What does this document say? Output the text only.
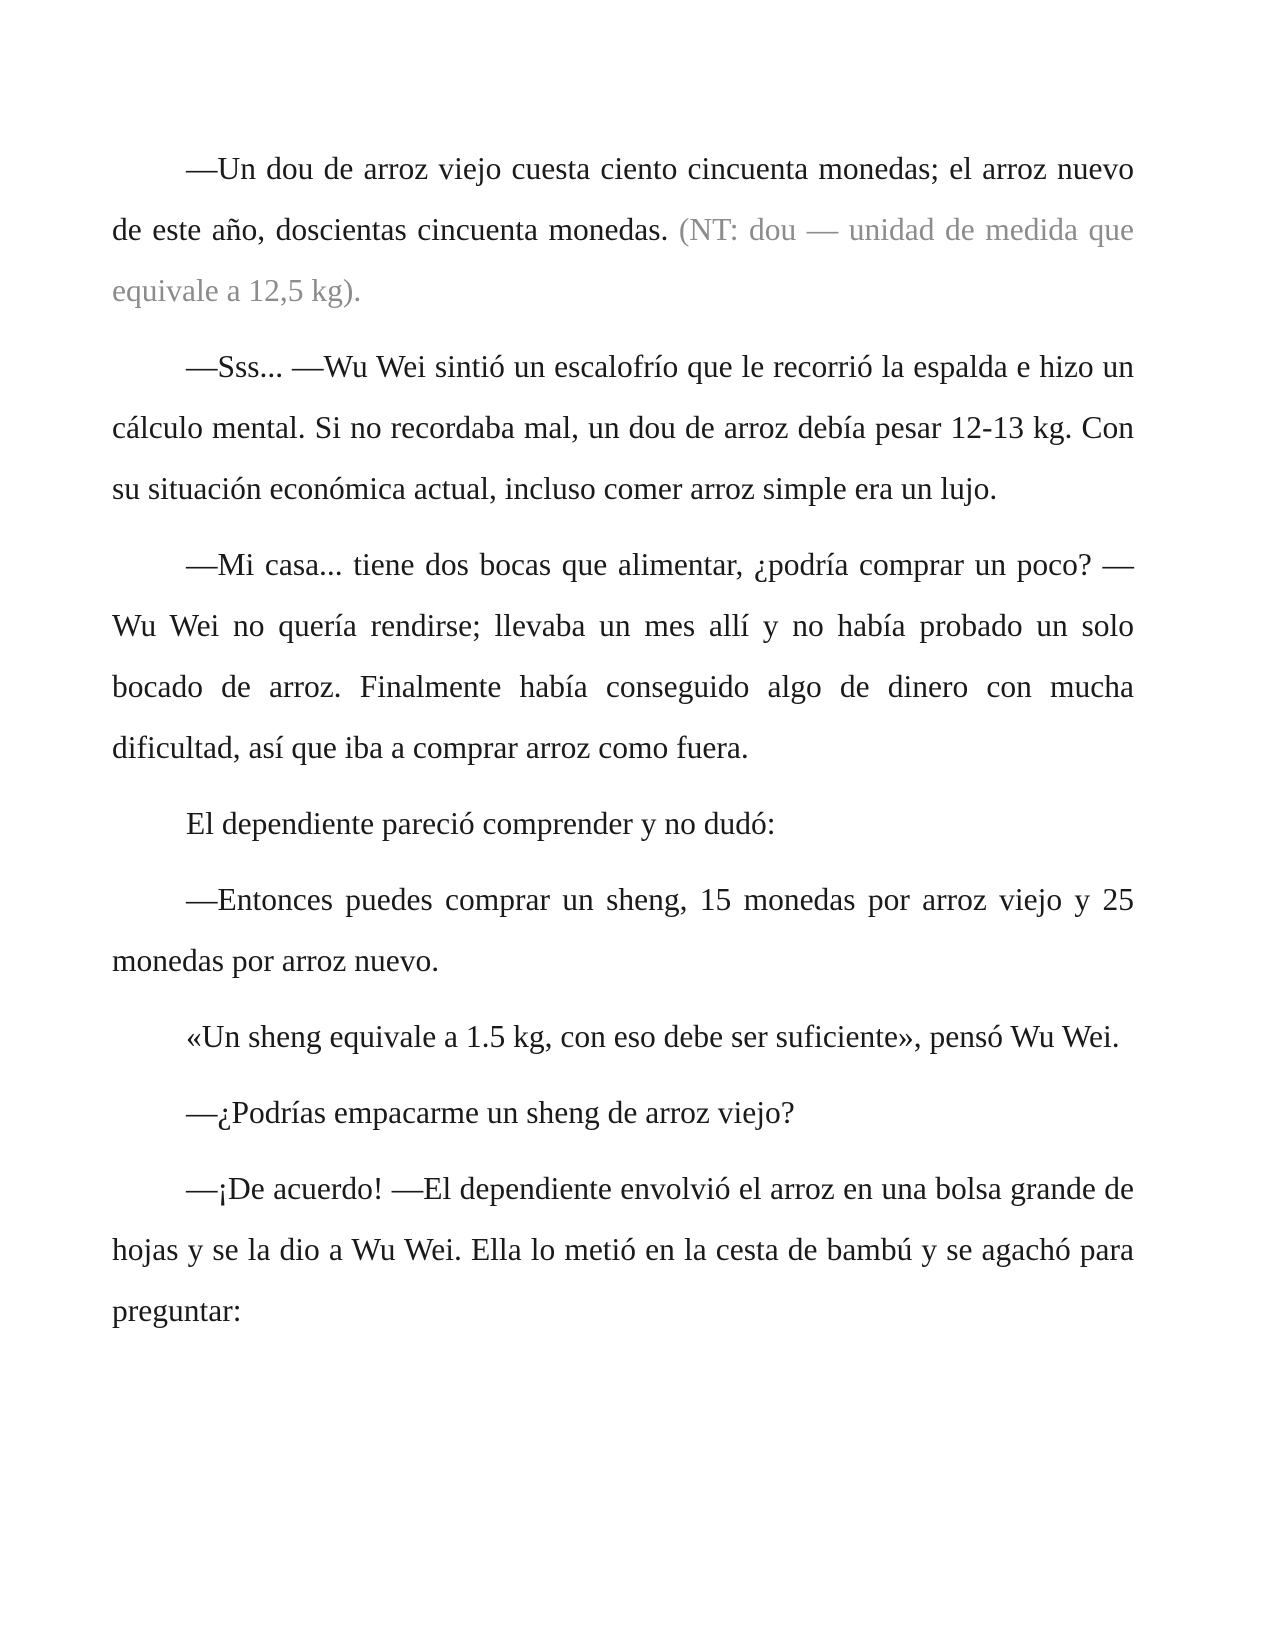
—Un dou de arroz viejo cuesta ciento cincuenta monedas; el arroz nuevo de este año, doscientas cincuenta monedas. (NT: dou — unidad de medida que equivale a 12,5 kg).

—Sss... —Wu Wei sintió un escalofrío que le recorrió la espalda e hizo un cálculo mental. Si no recordaba mal, un dou de arroz debía pesar 12-13 kg. Con su situación económica actual, incluso comer arroz simple era un lujo.

—Mi casa... tiene dos bocas que alimentar, ¿podría comprar un poco? —Wu Wei no quería rendirse; llevaba un mes allí y no había probado un solo bocado de arroz. Finalmente había conseguido algo de dinero con mucha dificultad, así que iba a comprar arroz como fuera.

El dependiente pareció comprender y no dudó:

—Entonces puedes comprar un sheng, 15 monedas por arroz viejo y 25 monedas por arroz nuevo.

«Un sheng equivale a 1.5 kg, con eso debe ser suficiente», pensó Wu Wei.

—¿Podrías empacarme un sheng de arroz viejo?

—¡De acuerdo! —El dependiente envolvió el arroz en una bolsa grande de hojas y se la dio a Wu Wei. Ella lo metió en la cesta de bambú y se agachó para preguntar:
